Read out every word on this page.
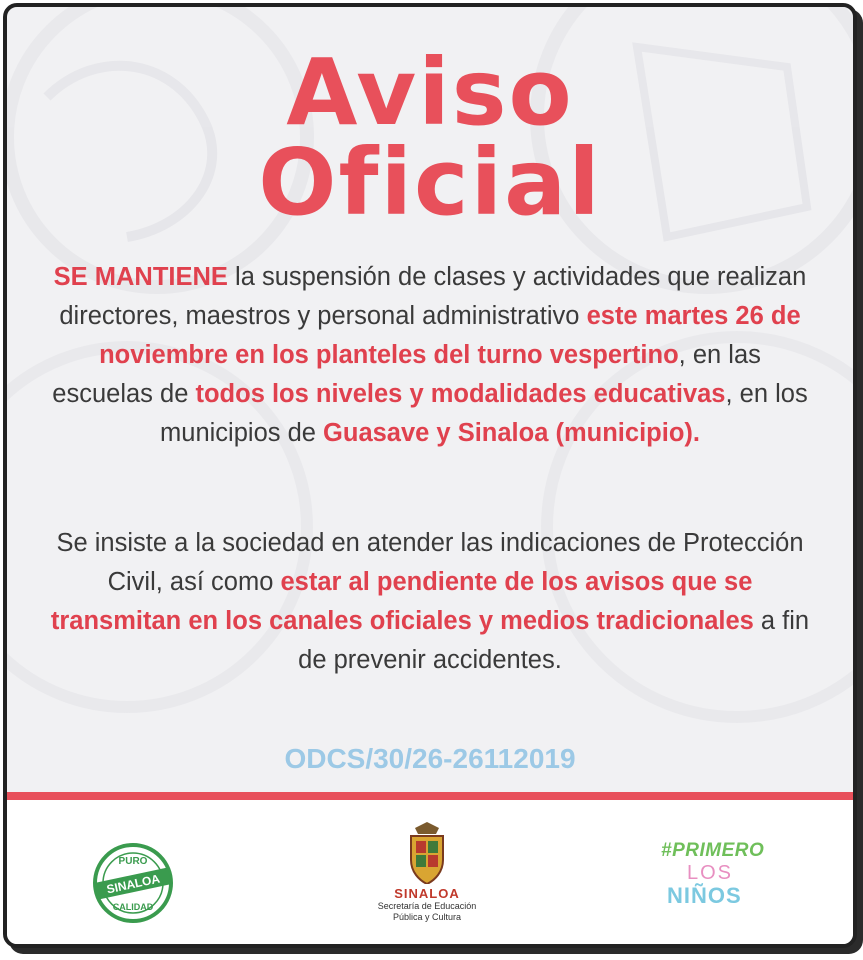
Aviso
Oficial

SE MANTIENE la suspensión de clases y actividades que realizan directores, maestros y personal administrativo este martes 26 de noviembre en los planteles del turno vespertino, en las escuelas de todos los niveles y modalidades educativas, en los municipios de Guasave y Sinaloa (municipio).

Se insiste a la sociedad en atender las indicaciones de Protección Civil, así como estar al pendiente de los avisos que se transmitan en los canales oficiales y medios tradicionales a fin de prevenir accidentes.

ODCS/30/26-26112019
PURO
SINALOA
CALIDAD
SINALOA
Secretaría de Educación
Pública y Cultura
#PRIMERO
LOS
NIÑOS
